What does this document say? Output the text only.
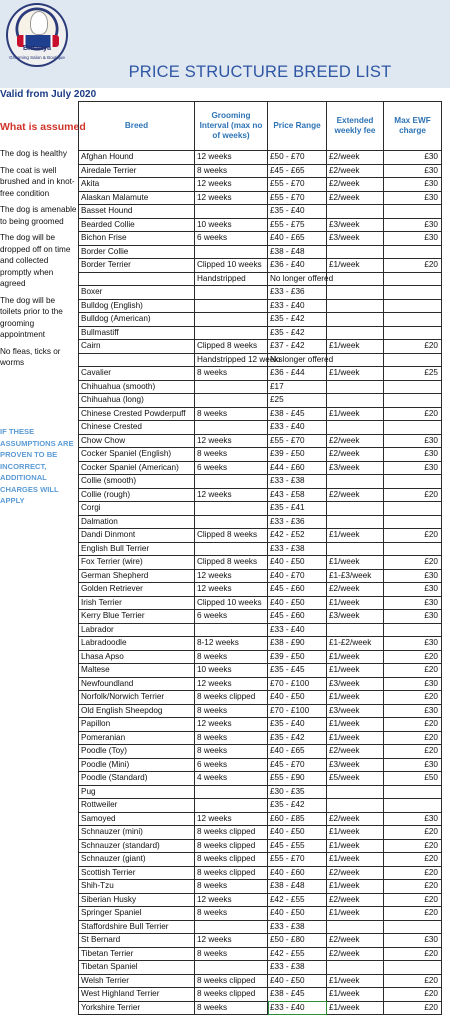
Britanya
Grooming Salon & Boutique
PRICE STRUCTURE BREED LIST
Valid from July 2020
What is assumed
The dog is healthy
The coat is well brushed and in knot-free condition
The dog is amenable to being groomed
The dog will be dropped off on time and collected promptly when agreed
The dog will be toilets prior to the grooming appointment
No fleas, ticks or worms
IF THESE ASSUMPTIONS ARE PROVEN TO BE INCORRECT, ADDITIONAL CHARGES WILL APPLY
Breed	Grooming Interval (max no of weeks)	Price Range	Extended weekly fee	Max EWF charge
Afghan Hound	12 weeks	£50 - £70	£2/week	£30
Airedale Terrier	8 weeks	£45 - £65	£2/week	£30
Akita	12 weeks	£55 - £70	£2/week	£30
Alaskan Malamute	12 weeks	£55 - £70	£2/week	£30
Basset Hound		£35 - £40		
Bearded Collie	10 weeks	£55 - £75	£3/week	£30
Bichon Frise	6 weeks	£40 - £65	£3/week	£30
Border Collie		£38 - £48		
Border Terrier	Clipped 10 weeks	£36 - £40	£1/week	£20
	Handstripped	No longer offered		
Boxer		£33 - £36		
Bulldog (English)		£33 - £40		
Bulldog (American)		£35 - £42		
Bullmastiff		£35 - £42		
Cairn	Clipped 8 weeks	£37 - £42	£1/week	£20
	Handstripped 12 weeks	No longer offered		
Cavalier	8 weeks	£36 - £44	£1/week	£25
Chihuahua (smooth)		£17		
Chihuahua (long)		£25		
Chinese Crested Powderpuff	8 weeks	£38 - £45	£1/week	£20
Chinese Crested		£33 - £40		
Chow Chow	12 weeks	£55 - £70	£2/week	£30
Cocker Spaniel (English)	8 weeks	£39 - £50	£2/week	£30
Cocker Spaniel (American)	6 weeks	£44 - £60	£3/week	£30
Collie (smooth)		£33 - £38		
Collie (rough)	12 weeks	£43 - £58	£2/week	£20
Corgi		£35 - £41		
Dalmation		£33 - £36		
Dandi Dinmont	Clipped 8 weeks	£42 - £52	£1/week	£20
English Bull Terrier		£33 - £38		
Fox Terrier (wire)	Clipped 8 weeks	£40 - £50	£1/week	£20
German Shepherd	12 weeks	£40 - £70	£1-£3/week	£30
Golden Retriever	12 weeks	£45 - £60	£2/week	£30
Irish Terrier	Clipped 10 weeks	£40 - £50	£1/week	£30
Kerry Blue Terrier	6 weeks	£45 - £60	£3/week	£30
Labrador		£33 - £40		
Labradoodle	8-12 weeks	£38 - £90	£1-£2/week	£30
Lhasa Apso	8 weeks	£39 - £50	£1/week	£20
Maltese	10 weeks	£35 - £45	£1/week	£20
Newfoundland	12 weeks	£70 - £100	£3/week	£30
Norfolk/Norwich Terrier	8 weeks clipped	£40 - £50	£1/week	£20
Old English Sheepdog	8 weeks	£70 - £100	£3/week	£30
Papillon	12 weeks	£35 - £40	£1/week	£20
Pomeranian	8 weeks	£35 - £42	£1/week	£20
Poodle (Toy)	8 weeks	£40 - £65	£2/week	£20
Poodle (Mini)	6 weeks	£45 - £70	£3/week	£30
Poodle (Standard)	4 weeks	£55 - £90	£5/week	£50
Pug		£30 - £35		
Rottweiler		£35 - £42		
Samoyed	12 weeks	£60 - £85	£2/week	£30
Schnauzer (mini)	8 weeks clipped	£40 - £50	£1/week	£20
Schnauzer (standard)	8 weeks clipped	£45 - £55	£1/week	£20
Schnauzer (giant)	8 weeks clipped	£55 - £70	£1/week	£20
Scottish Terrier	8 weeks clipped	£40 - £60	£2/week	£20
Shih-Tzu	8 weeks	£38 - £48	£1/week	£20
Siberian Husky	12 weeks	£42 - £55	£2/week	£20
Springer Spaniel	8 weeks	£40 - £50	£1/week	£20
Staffordshire Bull Terrier		£33 - £38		
St Bernard	12 weeks	£50 - £80	£2/week	£30
Tibetan Terrier	8 weeks	£42 - £55	£2/week	£20
Tibetan Spaniel		£33 - £38		
Welsh Terrier	8 weeks clipped	£40 - £50	£1/week	£20
West Highland Terrier	8 weeks clipped	£38 - £45	£1/week	£20
Yorkshire Terrier	8 weeks	£33 - £40	£1/week	£20
